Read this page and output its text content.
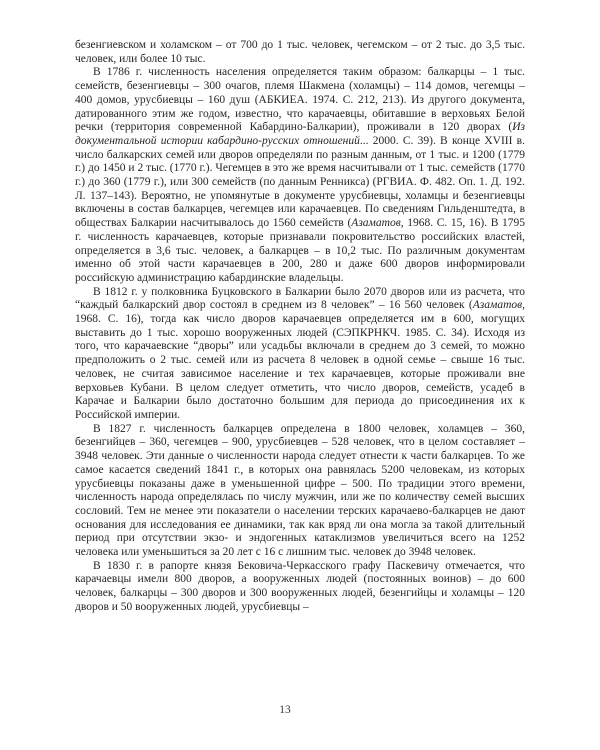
безенгиевском и холамском – от 700 до 1 тыс. человек, чегемском – от 2 тыс. до 3,5 тыс. человек, или более 10 тыс.

В 1786 г. численность населения определяется таким образом: балкарцы – 1 тыс. семейств, безенгиевцы – 300 очагов, племя Шакмена (холамцы) – 114 домов, чегемцы – 400 домов, урусбиевцы – 160 душ (АБКИЕА. 1974. С. 212, 213). Из другого документа, датированного этим же годом, известно, что карачаевцы, обитавшие в верховьях Белой речки (территория современной Кабардино-Балкарии), проживали в 120 дворах (Из документальной истории кабардино-русских отношений... 2000. С. 39). В конце XVIII в. число балкарских семей или дворов определяли по разным данным, от 1 тыс. и 1200 (1779 г.) до 1450 и 2 тыс. (1770 г.). Чегемцев в это же время насчитывали от 1 тыс. семейств (1770 г.) до 360 (1779 г.), или 300 семейств (по данным Ренникса) (РГВИА. Ф. 482. Оп. 1. Д. 192. Л. 137–143). Вероятно, не упомянутые в документе урусбиевцы, холамцы и безенгиевцы включены в состав балкарцев, чегемцев или карачаевцев. По сведениям Гильденштедта, в обществах Балкарии насчитывалось до 1560 семейств (Азаматов, 1968. С. 15, 16). В 1795 г. численность карачаевцев, которые признавали покровительство российских властей, определяется в 3,6 тыс. человек, а балкарцев – в 10,2 тыс. По различным документам именно об этой части карачаевцев в 200, 280 и даже 600 дворов информировали российскую администрацию кабардинские владельцы.

В 1812 г. у полковника Буцковского в Балкарии было 2070 дворов или из расчета, что “каждый балкарский двор состоял в среднем из 8 человек” – 16 560 человек (Азаматов, 1968. С. 16), тогда как число дворов карачаевцев определяется им в 600, могущих выставить до 1 тыс. хорошо вооруженных людей (СЭПКРНКЧ. 1985. С. 34). Исходя из того, что карачаевские “дворы” или усадьбы включали в среднем до 3 семей, то можно предположить о 2 тыс. семей или из расчета 8 человек в одной семье – свыше 16 тыс. человек, не считая зависимое население и тех карачаевцев, которые проживали вне верховьев Кубани. В целом следует отметить, что число дворов, семейств, усадеб в Карачае и Балкарии было достаточно большим для периода до присоединения их к Российской империи.

В 1827 г. численность балкарцев определена в 1800 человек, холамцев – 360, безенгийцев – 360, чегемцев – 900, урусбиевцев – 528 человек, что в целом составляет – 3948 человек. Эти данные о численности народа следует отнести к части балкарцев. То же самое касается сведений 1841 г., в которых она равнялась 5200 человекам, из которых урусбиевцы показаны даже в уменьшенной цифре – 500. По традиции этого времени, численность народа определялась по числу мужчин, или же по количеству семей высших сословий. Тем не менее эти показатели о населении терских карачаево-балкарцев не дают основания для исследования ее динамики, так как вряд ли она могла за такой длительный период при отсутствии экзо- и эндогенных катаклизмов увеличиться всего на 1252 человека или уменьшиться за 20 лет с 16 с лишним тыс. человек до 3948 человек.

В 1830 г. в рапорте князя Бековича-Черкасского графу Паскевичу отмечается, что карачаевцы имели 800 дворов, а вооруженных людей (постоянных воинов) – до 600 человек, балкарцы – 300 дворов и 300 вооруженных людей, безенгийцы и холамцы – 120 дворов и 50 вооруженных людей, урусбиевцы –

13
